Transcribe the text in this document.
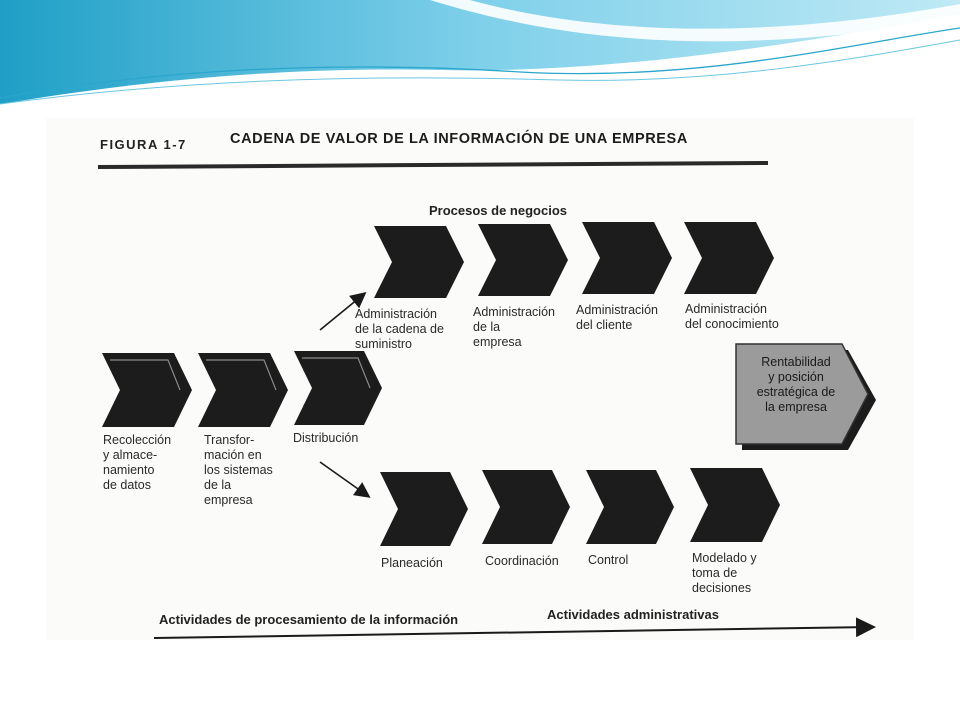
FIGURA 1-7	CADENA DE VALOR DE LA INFORMACIÓN DE UNA EMPRESA
Procesos de negocios
Recolección
y almace-
namiento
de datos
Transfor-
mación en
los sistemas
de la
empresa
Distribución
Administración
de la cadena de
suministro
Administración
de la
empresa
Administración
del cliente
Administración
del conocimiento
Planeación	Coordinación Control	Modelado y
toma de
decisiones
Rentabilidad
y posición
estratégica de
la empresa
Actividades de procesamiento de la información	Actividades administrativas
